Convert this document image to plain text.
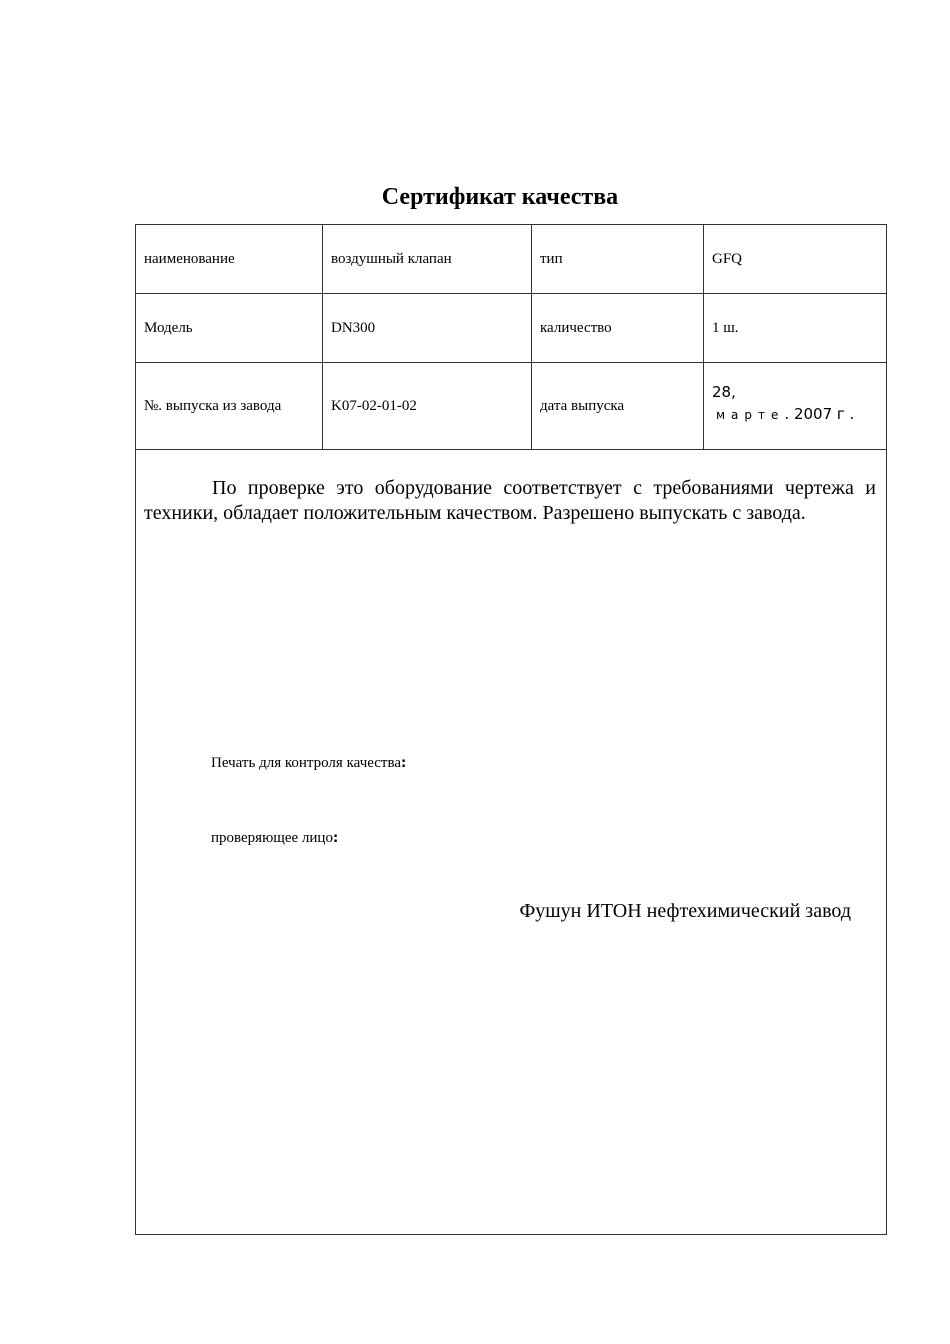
Сертификат качества
наименование	воздушный клапан	тип	GFQ
Модель	DN300	каличество	1 ш.
№. выпуска из завода	K07-02-01-02	дата выпуска	28,
марте. 2007 г .

По проверке это оборудование соответствует с требованиями чертежа и техники, обладает положительным качеством. Разрешено выпускать с завода.

Печать для контроля качества:
проверяющее лицо:
Фушун ИТОН нефтехимический завод			
